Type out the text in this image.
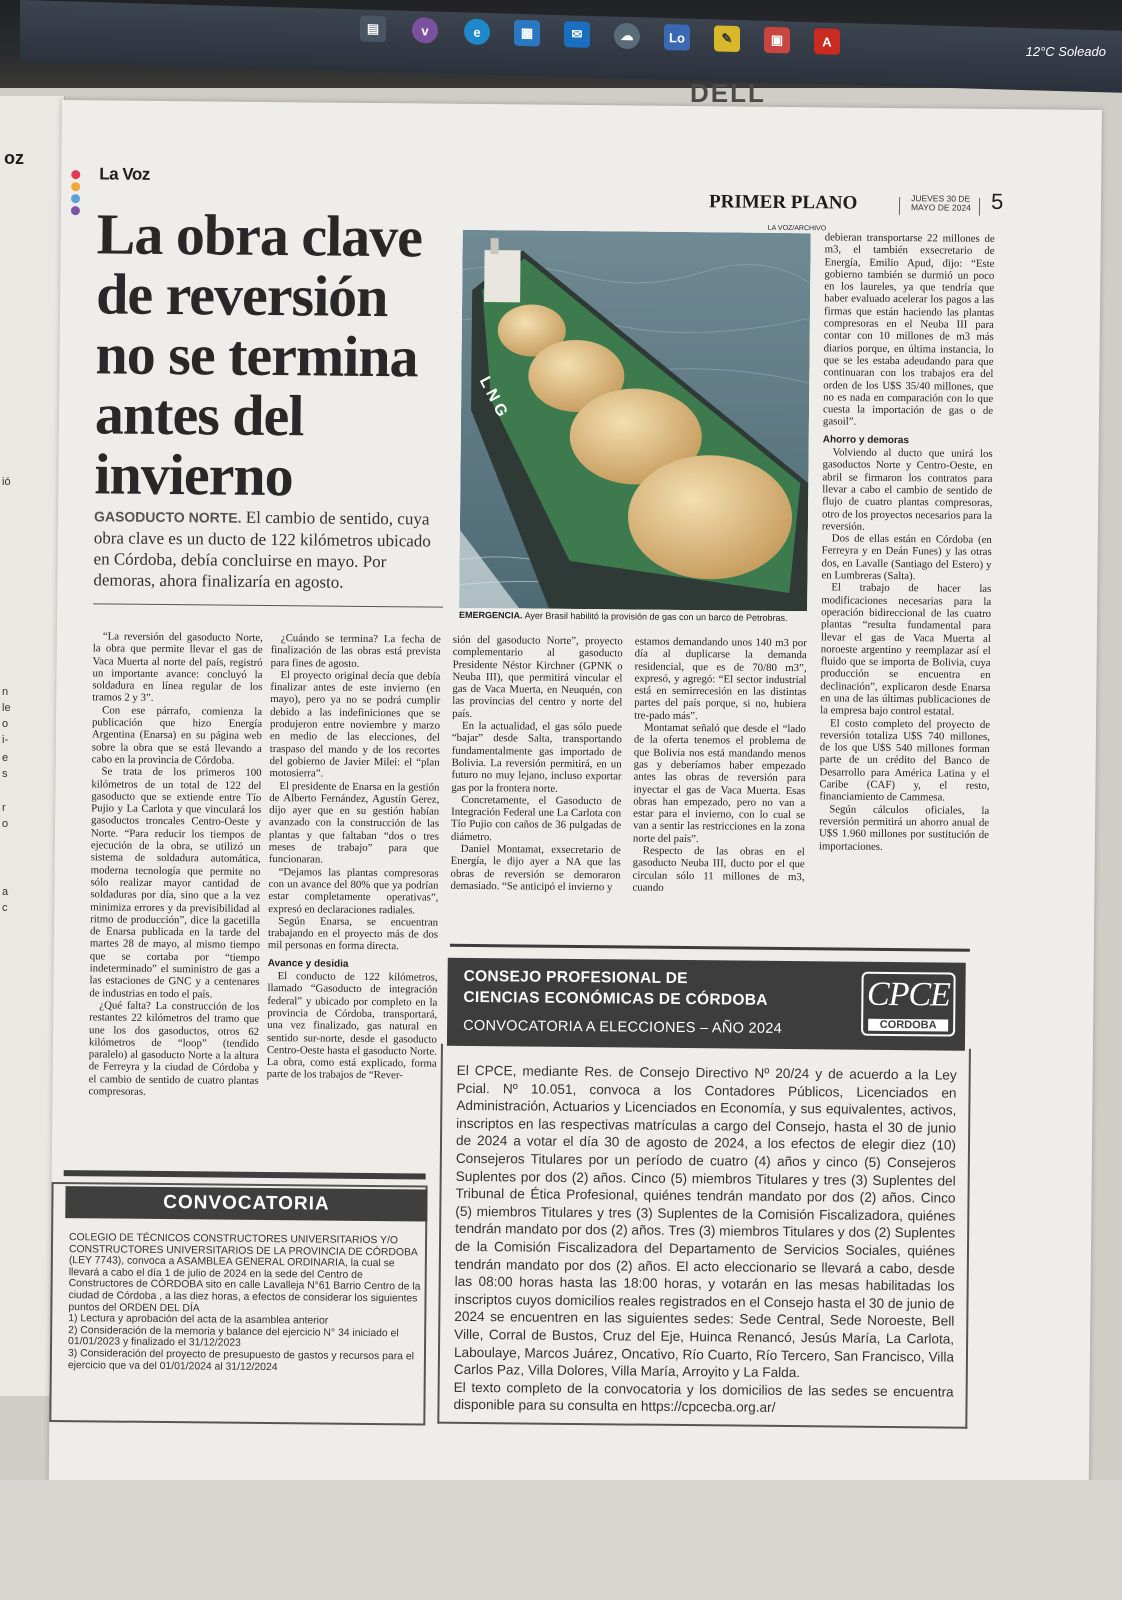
▤	v	e	▦	✉	☁	Lo	✎	▣	A
12°C Soleado
DELL
oz
n
le
o
i-
e
s
ió
r
o
a
c
La Voz
PRIMER PLANO	JUEVES 30 DE
MAYO DE 2024 5
La obra clave de reversión no se termina antes del invierno
GASODUCTO NORTE. El cambio de sentido, cuya obra clave es un ducto de 122 kilómetros ubicado en Córdoba, debía concluirse en mayo. Por demoras, ahora finalizaría en agosto.
LA VOZ/ARCHIVO
L N G
EMERGENCIA. Ayer Brasil habilitó la provisión de gas con un barco de Petrobras.
debieran transportarse 22 millones de m3, el también exsecretario de Energía, Emilio Apud, dijo: “Este gobierno también se durmió un poco en los laureles, ya que tendría que haber evaluado acelerar los pagos a las firmas que están haciendo las plantas compresoras en el Neuba III para contar con 10 millones de m3 más diarios porque, en última instancia, lo que se les estaba adeudando para que continuaran con los trabajos era del orden de los U$S 35/40 millones, que no es nada en comparación con lo que cuesta la importación de gas o de gasoil”.
Ahorro y demoras

Volviendo al ducto que unirá los gasoductos Norte y Centro-Oeste, en abril se firmaron los contratos para llevar a cabo el cambio de sentido de flujo de cuatro plantas compresoras, otro de los proyectos necesarios para la reversión.

Dos de ellas están en Córdoba (en Ferreyra y en Deán Funes) y las otras dos, en Lavalle (Santiago del Estero) y en Lumbreras (Salta).

El trabajo de hacer las modificaciones necesarias para la operación bidireccional de las cuatro plantas “resulta fundamental para llevar el gas de Vaca Muerta al noroeste argentino y reemplazar así el fluido que se importa de Bolivia, cuya producción se encuentra en declinación”, explicaron desde Enarsa en una de las últimas publicaciones de la empresa bajo control estatal.

El costo completo del proyecto de reversión totaliza U$S 740 millones, de los que U$S 540 millones forman parte de un crédito del Banco de Desarrollo para América Latina y el Caribe (CAF) y, el resto, financiamiento de Cammesa.

Según cálculos oficiales, la reversión permitirá un ahorro anual de U$S 1.960 millones por sustitución de importaciones.

“La reversión del gasoducto Norte, la obra que permite llevar el gas de Vaca Muerta al norte del país, registró un importante avance: concluyó la soldadura en línea regular de los tramos 2 y 3”.

Con ese párrafo, comienza la publicación que hizo Energía Argentina (Enarsa) en su página web sobre la obra que se está llevando a cabo en la provincia de Córdoba.

Se trata de los primeros 100 kilómetros de un total de 122 del gasoducto que se extiende entre Tío Pujio y La Carlota y que vinculará los gasoductos troncales Centro-Oeste y Norte. “Para reducir los tiempos de ejecución de la obra, se utilizó un sistema de soldadura automática, moderna tecnología que permite no sólo realizar mayor cantidad de soldaduras por día, sino que a la vez minimiza errores y da previsibilidad al ritmo de producción”, dice la gacetilla de Enarsa publicada en la tarde del martes 28 de mayo, al mismo tiempo que se cortaba por “tiempo indeterminado” el suministro de gas a las estaciones de GNC y a centenares de industrias en todo el país.

¿Qué falta? La construcción de los restantes 22 kilómetros del tramo que une los dos gasoductos, otros 62 kilómetros de “loop” (tendido paralelo) al gasoducto Norte a la altura de Ferreyra y la ciudad de Córdoba y el cambio de sentido de cuatro plantas compresoras.

¿Cuándo se termina? La fecha de finalización de las obras está prevista para fines de agosto.

El proyecto original decía que debía finalizar antes de este invierno (en mayo), pero ya no se podrá cumplir debido a las indefiniciones que se produjeron entre noviembre y marzo en medio de las elecciones, del traspaso del mando y de los recortes del gobierno de Javier Milei: el “plan motosierra”.

El presidente de Enarsa en la gestión de Alberto Fernández, Agustín Gerez, dijo ayer que en su gestión habían avanzado con la construcción de las plantas y que faltaban “dos o tres meses de trabajo” para que funcionaran.

“Dejamos las plantas compresoras con un avance del 80% que ya podrían estar completamente operativas”, expresó en declaraciones radiales.

Según Enarsa, se encuentran trabajando en el proyecto más de dos mil personas en forma directa.

Avance y desidia

El conducto de 122 kilómetros, llamado “Gasoducto de integración federal” y ubicado por completo en la provincia de Córdoba, transportará, una vez finalizado, gas natural en sentido sur-norte, desde el gasoducto Centro-Oeste hasta el gasoducto Norte. La obra, como está explicado, forma parte de los trabajos de “Rever-

sión del gasoducto Norte”, proyecto complementario al gasoducto Presidente Néstor Kirchner (GPNK o Neuba III), que permitirá vincular el gas de Vaca Muerta, en Neuquén, con las provincias del centro y norte del país.

En la actualidad, el gas sólo puede “bajar” desde Salta, transportando fundamentalmente gas importado de Bolivia. La reversión permitirá, en un futuro no muy lejano, incluso exportar gas por la frontera norte.

Concretamente, el Gasoducto de Integración Federal une La Carlota con Tío Pujio con caños de 36 pulgadas de diámetro.

Daniel Montamat, exsecretario de Energía, le dijo ayer a NA que las obras de reversión se demoraron demasiado. “Se anticipó el invierno y

estamos demandando unos 140 m3 por día al duplicarse la demanda residencial, que es de 70/80 m3”, expresó, y agregó: “El sector industrial está en semirrecesión en las distintas partes del país porque, si no, hubiera tre-pado más”.

Montamat señaló que desde el “lado de la oferta tenemos el problema de que Bolivia nos está mandando menos gas y deberíamos haber empezado antes las obras de reversión para inyectar el gas de Vaca Muerta. Esas obras han empezado, pero no van a estar para el invierno, con lo cual se van a sentir las restricciones en la zona norte del país”.

Respecto de las obras en el gasoducto Neuba III, ducto por el que circulan sólo 11 millones de m3, cuando

CONVOCATORIA
COLEGIO DE TÉCNICOS CONSTRUCTORES UNIVERSITARIOS Y/O CONSTRUCTORES UNIVERSITARIOS DE LA PROVINCIA DE CÓRDOBA (LEY 7743), convoca a ASAMBLEA GENERAL ORDINARIA, la cual se llevará a cabo el día 1 de julio de 2024 en la sede del Centro de Constructores de CÓRDOBA sito en calle Lavalleja N°61 Barrio Centro de la ciudad de Córdoba , a las diez horas, a efectos de considerar los siguientes puntos del ORDEN DEL DÍA
1) Lectura y aprobación del acta de la asamblea anterior
2) Consideración de la memoria y balance del ejercicio N° 34 iniciado el 01/01/2023 y finalizado el 31/12/2023
3) Consideración del proyecto de presupuesto de gastos y recursos para el ejercicio que va del 01/01/2024 al 31/12/2024
CONSEJO PROFESIONAL DE
CIENCIAS ECONÓMICAS DE CÓRDOBA
CONVOCATORIA A ELECCIONES – AÑO 2024
CPCE
CORDOBA
El CPCE, mediante Res. de Consejo Directivo Nº 20/24 y de acuerdo a la Ley Pcial. Nº 10.051, convoca a los Contadores Públicos, Licenciados en Administración, Actuarios y Licenciados en Economía, y sus equivalentes, activos, inscriptos en las respectivas matrículas a cargo del Consejo, hasta el 30 de junio de 2024 a votar el día 30 de agosto de 2024, a los efectos de elegir diez (10) Consejeros Titulares por un período de cuatro (4) años y cinco (5) Consejeros Suplentes por dos (2) años. Cinco (5) miembros Titulares y tres (3) Suplentes del Tribunal de Ética Profesional, quiénes tendrán mandato por dos (2) años. Cinco (5) miembros Titulares y tres (3) Suplentes de la Comisión Fiscalizadora, quiénes tendrán mandato por dos (2) años. Tres (3) miembros Titulares y dos (2) Suplentes de la Comisión Fiscalizadora del Departamento de Servicios Sociales, quiénes tendrán mandato por dos (2) años. El acto eleccionario se llevará a cabo, desde las 08:00 horas hasta las 18:00 horas, y votarán en las mesas habilitadas los inscriptos cuyos domicilios reales registrados en el Consejo hasta el 30 de junio de 2024 se encuentren en las siguientes sedes: Sede Central, Sede Noroeste, Bell Ville, Corral de Bustos, Cruz del Eje, Huinca Renancó, Jesús María, La Carlota, Laboulaye, Marcos Juárez, Oncativo, Río Cuarto, Río Tercero, San Francisco, Villa Carlos Paz, Villa Dolores, Villa María, Arroyito y La Falda.
El texto completo de la convocatoria y los domicilios de las sedes se encuentra disponible para su consulta en https://cpcecba.org.ar/
